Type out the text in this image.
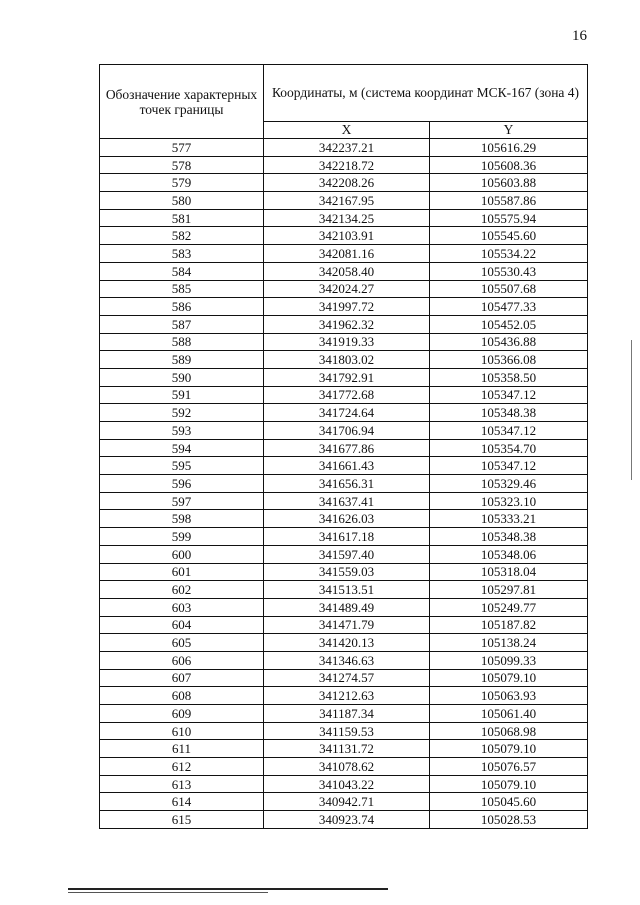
16
Обозначение характерных точек границы	Координаты, м (система координат МСК-167 (зона 4)	
	X	Y
577	342237.21	105616.29
578	342218.72	105608.36
579	342208.26	105603.88
580	342167.95	105587.86
581	342134.25	105575.94
582	342103.91	105545.60
583	342081.16	105534.22
584	342058.40	105530.43
585	342024.27	105507.68
586	341997.72	105477.33
587	341962.32	105452.05
588	341919.33	105436.88
589	341803.02	105366.08
590	341792.91	105358.50
591	341772.68	105347.12
592	341724.64	105348.38
593	341706.94	105347.12
594	341677.86	105354.70
595	341661.43	105347.12
596	341656.31	105329.46
597	341637.41	105323.10
598	341626.03	105333.21
599	341617.18	105348.38
600	341597.40	105348.06
601	341559.03	105318.04
602	341513.51	105297.81
603	341489.49	105249.77
604	341471.79	105187.82
605	341420.13	105138.24
606	341346.63	105099.33
607	341274.57	105079.10
608	341212.63	105063.93
609	341187.34	105061.40
610	341159.53	105068.98
611	341131.72	105079.10
612	341078.62	105076.57
613	341043.22	105079.10
614	340942.71	105045.60
615	340923.74	105028.53
